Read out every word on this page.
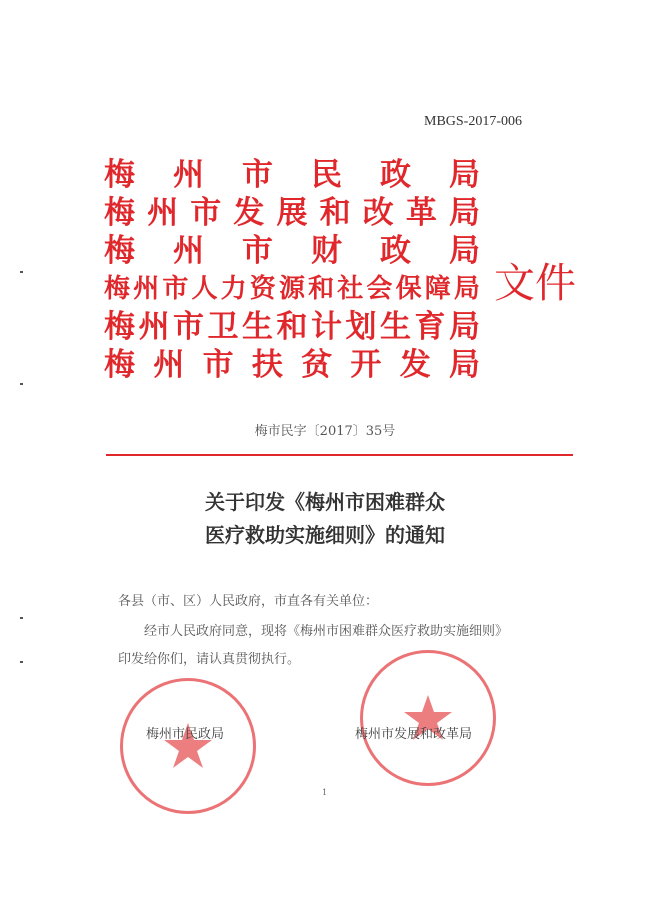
MBGS-2017-006
梅 州 市 民 政 局
梅 州 市 发 展 和 改 革 局
梅 州 市 财 政 局
梅 州 市 人 力 资 源 和 社 会 保 障 局
梅 州 市 卫 生 和 计 划 生 育 局
梅 州 市 扶 贫 开 发 局
文件
梅市民字〔2017〕35号
关于印发《梅州市困难群众
医疗救助实施细则》的通知
各县（市、区）人民政府，市直各有关单位：
经市人民政府同意，现将《梅州市困难群众医疗救助实施细则》印发给你们，请认真贯彻执行。
梅州市民政局	梅州市发展和改革局
1
